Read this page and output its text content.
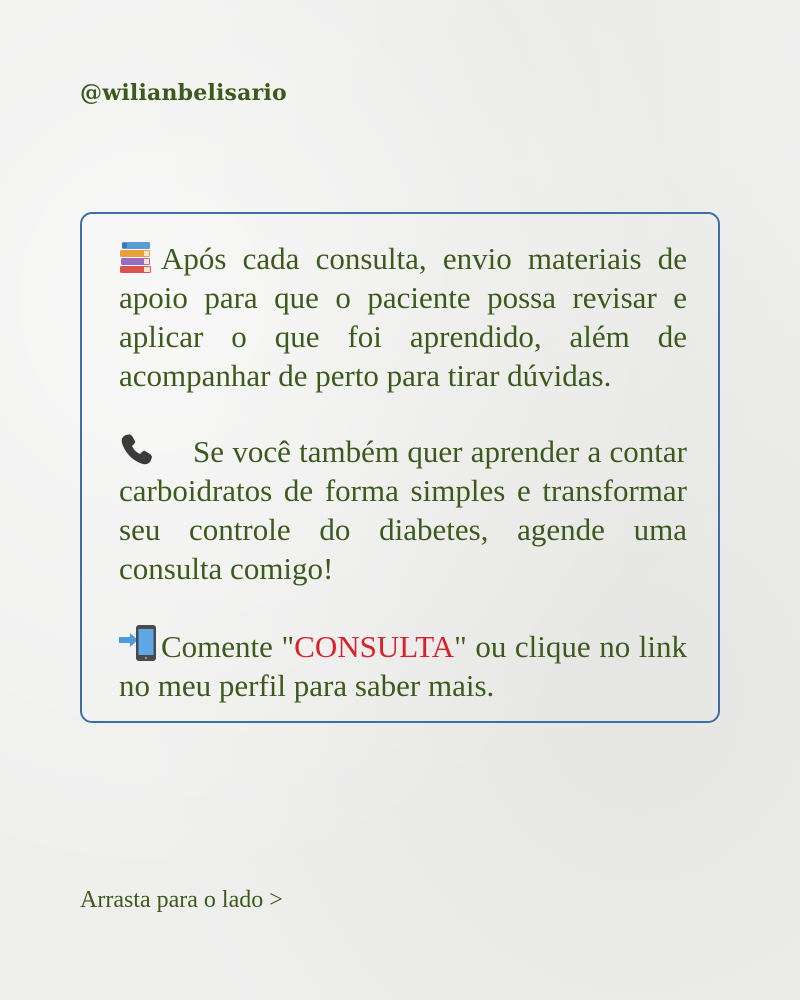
@wilianbelisario
Após cada consulta, envio materiais de apoio para que o paciente possa revisar e aplicar o que foi aprendido, além de acompanhar de perto para tirar dúvidas.
Se você também quer aprender a contar carboidratos de forma simples e transformar seu controle do diabetes, agende uma consulta comigo!
Comente "CONSULTA" ou clique no link no meu perfil para saber mais.
Arrasta para o lado >
